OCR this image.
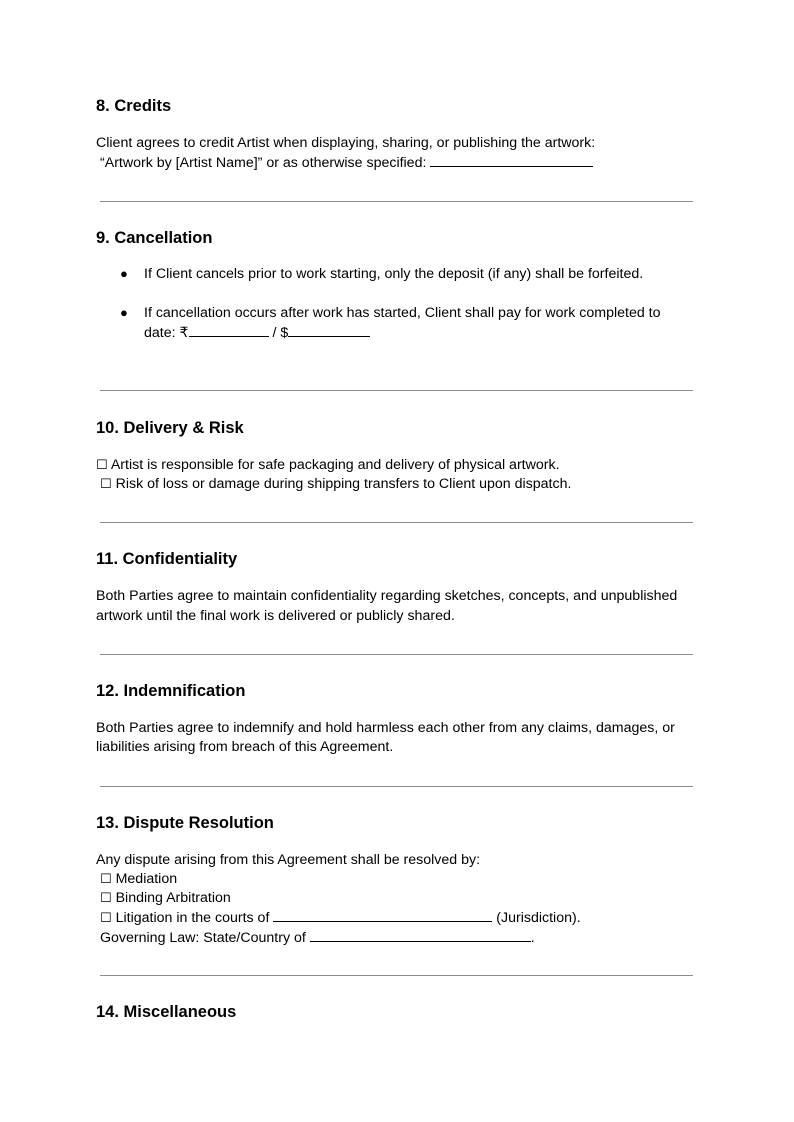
8. Credits
Client agrees to credit Artist when displaying, sharing, or publishing the artwork:
“Artwork by [Artist Name]” or as otherwise specified:
9. Cancellation
● If Client cancels prior to work starting, only the deposit (if any) shall be forfeited.
● If cancellation occurs after work has started, Client shall pay for work completed to
date: ₹	/ $
10. Delivery & Risk
☐ Artist is responsible for safe packaging and delivery of physical artwork.
☐ Risk of loss or damage during shipping transfers to Client upon dispatch.
11. Confidentiality
Both Parties agree to maintain confidentiality regarding sketches, concepts, and unpublished
artwork until the final work is delivered or publicly shared.
12. Indemnification
Both Parties agree to indemnify and hold harmless each other from any claims, damages, or
liabilities arising from breach of this Agreement.
13. Dispute Resolution
Any dispute arising from this Agreement shall be resolved by:
☐ Mediation
☐ Binding Arbitration
☐ Litigation in the courts of	(Jurisdiction).
Governing Law: State/Country of	.
14. Miscellaneous
